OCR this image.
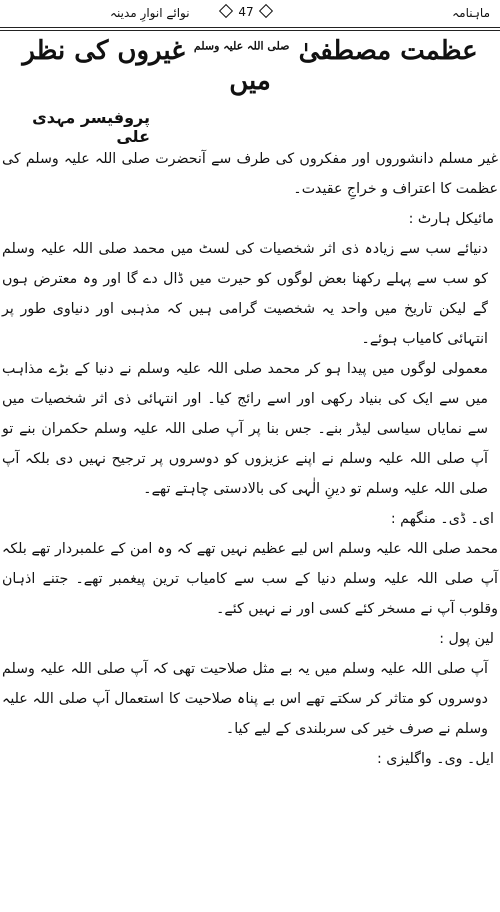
ماہنامہ
47
نوائے انوارِ مدینہ
عظمت مصطفیٰ $^{صلی اللہ علیہ وسلم}$ غیروں کی نظر میں
پروفیسر مہدی علی

غیر مسلم دانشوروں اور مفکروں کی طرف سے آنحضرت صلی اللہ علیہ وسلم کی عظمت کا اعتراف و خراجِ عقیدت۔

مائیکل ہارٹ :

دنیائے سب سے زیادہ ذی اثر شخصیات کی لسٹ میں محمد صلی اللہ علیہ وسلم کو سب سے پہلے رکھنا بعض لوگوں کو حیرت میں ڈال دے گا اور وہ معترض ہوں گے لیکن تاریخ میں واحد یہ شخصیت گرامی ہیں کہ مذہبی اور دنیاوی طور پر انتہائی کامیاب ہوئے۔

معمولی لوگوں میں پیدا ہو کر محمد صلی اللہ علیہ وسلم نے دنیا کے بڑے مذاہب میں سے ایک کی بنیاد رکھی اور اسے رائج کیا۔ اور انتہائی ذی اثر شخصیات میں سے نمایاں سیاسی لیڈر بنے۔ جس بنا پر آپ صلی اللہ علیہ وسلم حکمران بنے تو آپ صلی اللہ علیہ وسلم نے اپنے عزیزوں کو دوسروں پر ترجیح نہیں دی بلکہ آپ صلی اللہ علیہ وسلم تو دینِ الٰہی کی بالادستی چاہتے تھے۔

ای۔ ڈی۔ منگھم :

محمد صلی اللہ علیہ وسلم اس لیے عظیم نہیں تھے کہ وہ امن کے علمبردار تھے بلکہ آپ صلی اللہ علیہ وسلم دنیا کے سب سے کامیاب ترین پیغمبر تھے۔ جتنے اذہان وقلوب آپ نے مسخر کئے کسی اور نے نہیں کئے۔

لین پول :

آپ صلی اللہ علیہ وسلم میں یہ بے مثل صلاحیت تھی کہ آپ صلی اللہ علیہ وسلم دوسروں کو متاثر کر سکتے تھے اس بے پناہ صلاحیت کا استعمال آپ صلی اللہ علیہ وسلم نے صرف خیر کی سربلندی کے لیے کیا۔

ایل۔ وی۔ واگلیزی :
